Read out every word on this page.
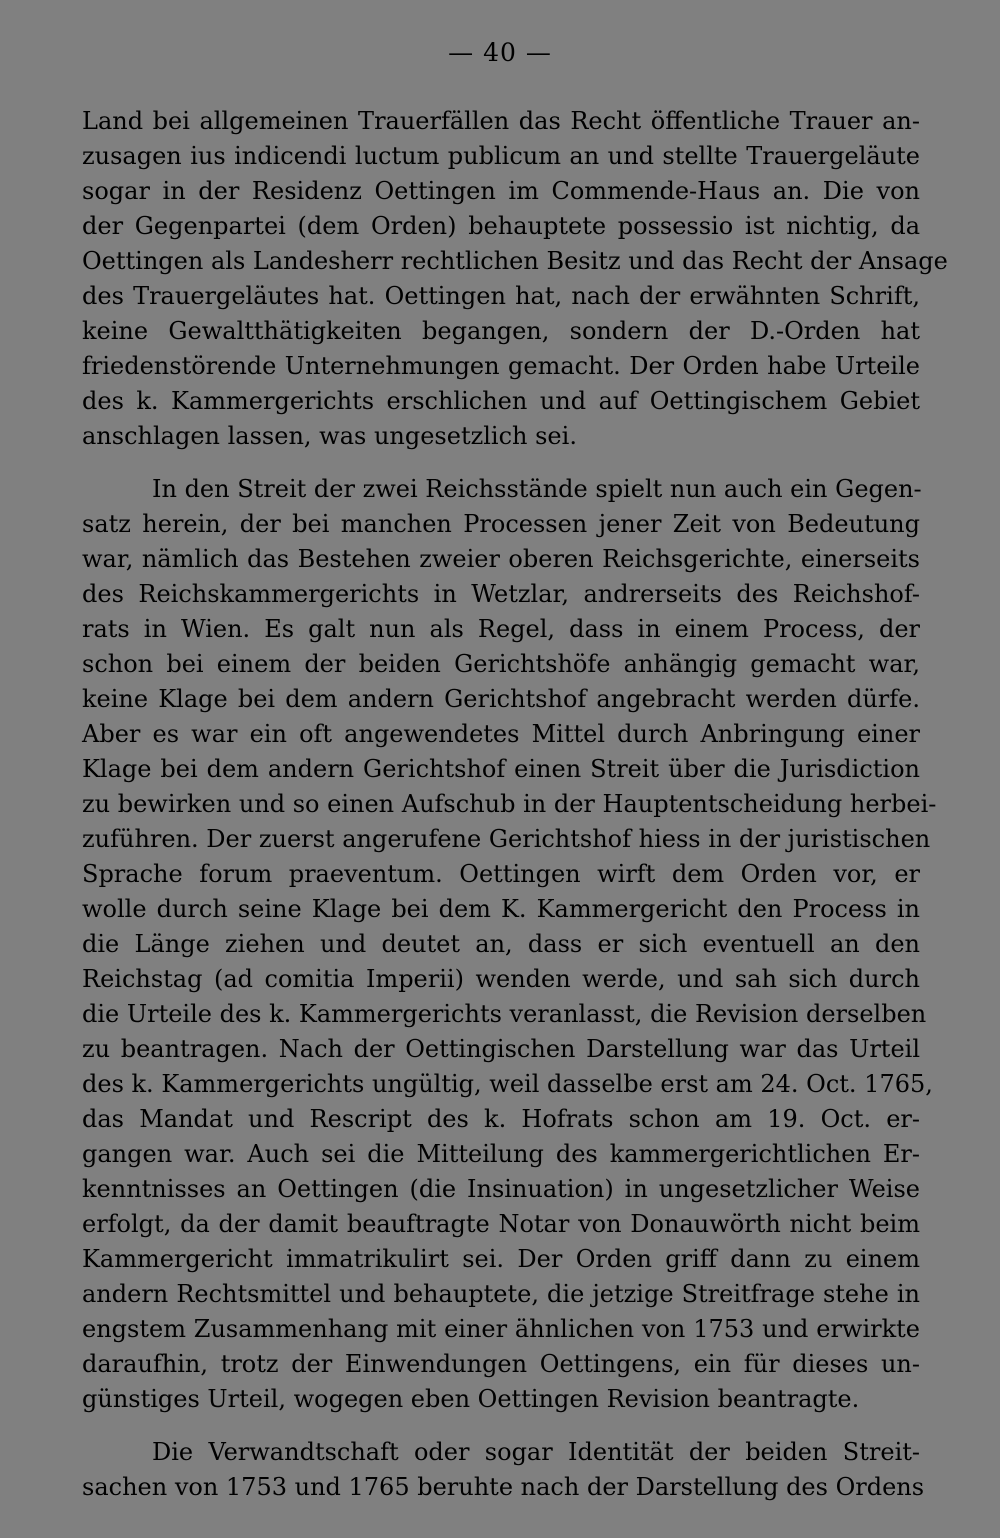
— 40 —
Land bei allgemeinen Trauerfällen das Recht öffentliche Trauer an-
zusagen ius indicendi luctum publicum an und stellte Trauergeläute
sogar in der Residenz Oettingen im Commende-Haus an. Die von
der Gegenpartei (dem Orden) behauptete possessio ist nichtig, da
Oettingen als Landesherr rechtlichen Besitz und das Recht der Ansage
des Trauergeläutes hat. Oettingen hat, nach der erwähnten Schrift,
keine Gewaltthätigkeiten begangen, sondern der D.-Orden hat
friedenstörende Unternehmungen gemacht. Der Orden habe Urteile
des k. Kammergerichts erschlichen und auf Oettingischem Gebiet
anschlagen lassen, was ungesetzlich sei.
In den Streit der zwei Reichsstände spielt nun auch ein Gegen-
satz herein, der bei manchen Processen jener Zeit von Bedeutung
war, nämlich das Bestehen zweier oberen Reichsgerichte, einerseits
des Reichskammergerichts in Wetzlar, andrerseits des Reichshof-
rats in Wien. Es galt nun als Regel, dass in einem Process, der
schon bei einem der beiden Gerichtshöfe anhängig gemacht war,
keine Klage bei dem andern Gerichtshof angebracht werden dürfe.
Aber es war ein oft angewendetes Mittel durch Anbringung einer
Klage bei dem andern Gerichtshof einen Streit über die Jurisdiction
zu bewirken und so einen Aufschub in der Hauptentscheidung herbei-
zuführen. Der zuerst angerufene Gerichtshof hiess in der juristischen
Sprache forum praeventum. Oettingen wirft dem Orden vor, er
wolle durch seine Klage bei dem K. Kammergericht den Process in
die Länge ziehen und deutet an, dass er sich eventuell an den
Reichstag (ad comitia Imperii) wenden werde, und sah sich durch
die Urteile des k. Kammergerichts veranlasst, die Revision derselben
zu beantragen. Nach der Oettingischen Darstellung war das Urteil
des k. Kammergerichts ungültig, weil dasselbe erst am 24. Oct. 1765,
das Mandat und Rescript des k. Hofrats schon am 19. Oct. er-
gangen war. Auch sei die Mitteilung des kammergerichtlichen Er-
kenntnisses an Oettingen (die Insinuation) in ungesetzlicher Weise
erfolgt, da der damit beauftragte Notar von Donauwörth nicht beim
Kammergericht immatrikulirt sei. Der Orden griff dann zu einem
andern Rechtsmittel und behauptete, die jetzige Streitfrage stehe in
engstem Zusammenhang mit einer ähnlichen von 1753 und erwirkte
daraufhin, trotz der Einwendungen Oettingens, ein für dieses un-
günstiges Urteil, wogegen eben Oettingen Revision beantragte.
Die Verwandtschaft oder sogar Identität der beiden Streit-
sachen von 1753 und 1765 beruhte nach der Darstellung des Ordens
